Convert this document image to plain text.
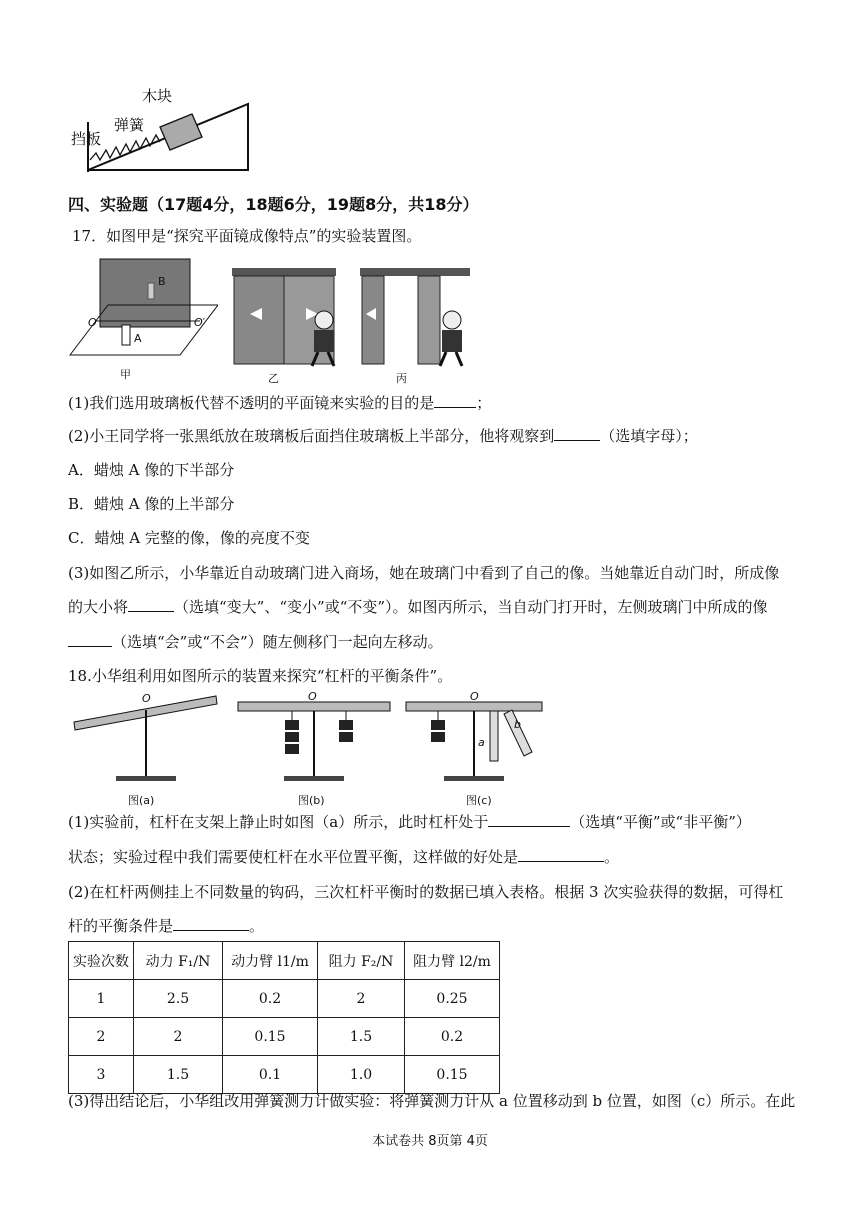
木块
弹簧
挡板
四、实验题（17题4分，18题6分，19题8分，共18分）
17．如图甲是“探究平面镜成像特点”的实验装置图。
B
A
O	O′
甲	乙	丙
(1)我们选用玻璃板代替不透明的平面镜来实验的目的是	；
(2)小王同学将一张黑纸放在玻璃板后面挡住玻璃板上半部分，他将观察到	（选填字母）；
A．蜡烛 A 像的下半部分
B．蜡烛 A 像的上半部分
C．蜡烛 A 完整的像，像的亮度不变
(3)如图乙所示，小华靠近自动玻璃门进入商场，她在玻璃门中看到了自己的像。当她靠近自动门时，所成像
的大小将	（选填“变大”、“变小”或“不变”）。如图丙所示，当自动门打开时，左侧玻璃门中所成的像
（选填“会”或“不会”）随左侧移门一起向左移动。
18.小华组利用如图所示的装置来探究“杠杆的平衡条件”。
O
图(a)
O
图(b)
O
a
b
图(c)
(1)实验前，杠杆在支架上静止时如图（a）所示，此时杠杆处于	（选填“平衡”或“非平衡”）
状态；实验过程中我们需要使杠杆在水平位置平衡，这样做的好处是	。
(2)在杠杆两侧挂上不同数量的钩码，三次杠杆平衡时的数据已填入表格。根据 3 次实验获得的数据，可得杠
杆的平衡条件是	。
实验次数	动力 F₁/N	动力臂 l1/m	阻力 F₂/N	阻力臂 l2/m
1	2.5	0.2	2	0.25
2	2	0.15	1.5	0.2
3	1.5	0.1	1.0	0.15
(3)得出结论后，小华组改用弹簧测力计做实验：将弹簧测力计从 a 位置移动到 b 位置，如图（c）所示。在此
本试卷共 8页第 4页
